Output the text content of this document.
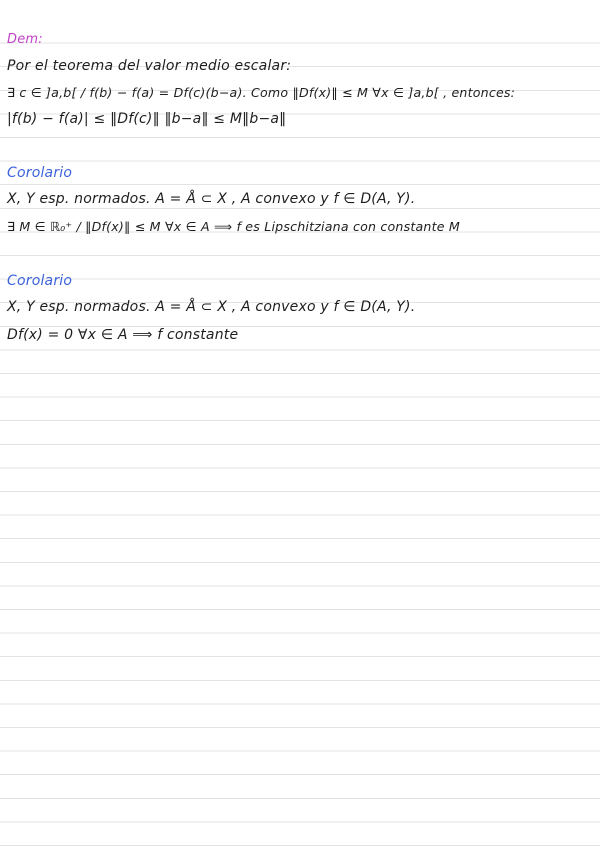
Dem:
Por el teorema del valor medio escalar:
∃ c ∈ ]a,b[ / f(b) − f(a) = Df(c)(b−a). Como ‖Df(x)‖ ≤ M ∀x ∈ ]a,b[ , entonces:
|f(b) − f(a)| ≤ ‖Df(c)‖ ‖b−a‖ ≤ M‖b−a‖
Corolario
X, Y esp. normados. A = Å ⊂ X , A convexo y f ∈ D(A, Y).
∃ M ∈ ℝ₀⁺ / ‖Df(x)‖ ≤ M ∀x ∈ A ⟹ f es Lipschitziana con constante M
Corolario
X, Y esp. normados. A = Å ⊂ X , A convexo y f ∈ D(A, Y).
Df(x) = 0 ∀x ∈ A ⟹ f constante
